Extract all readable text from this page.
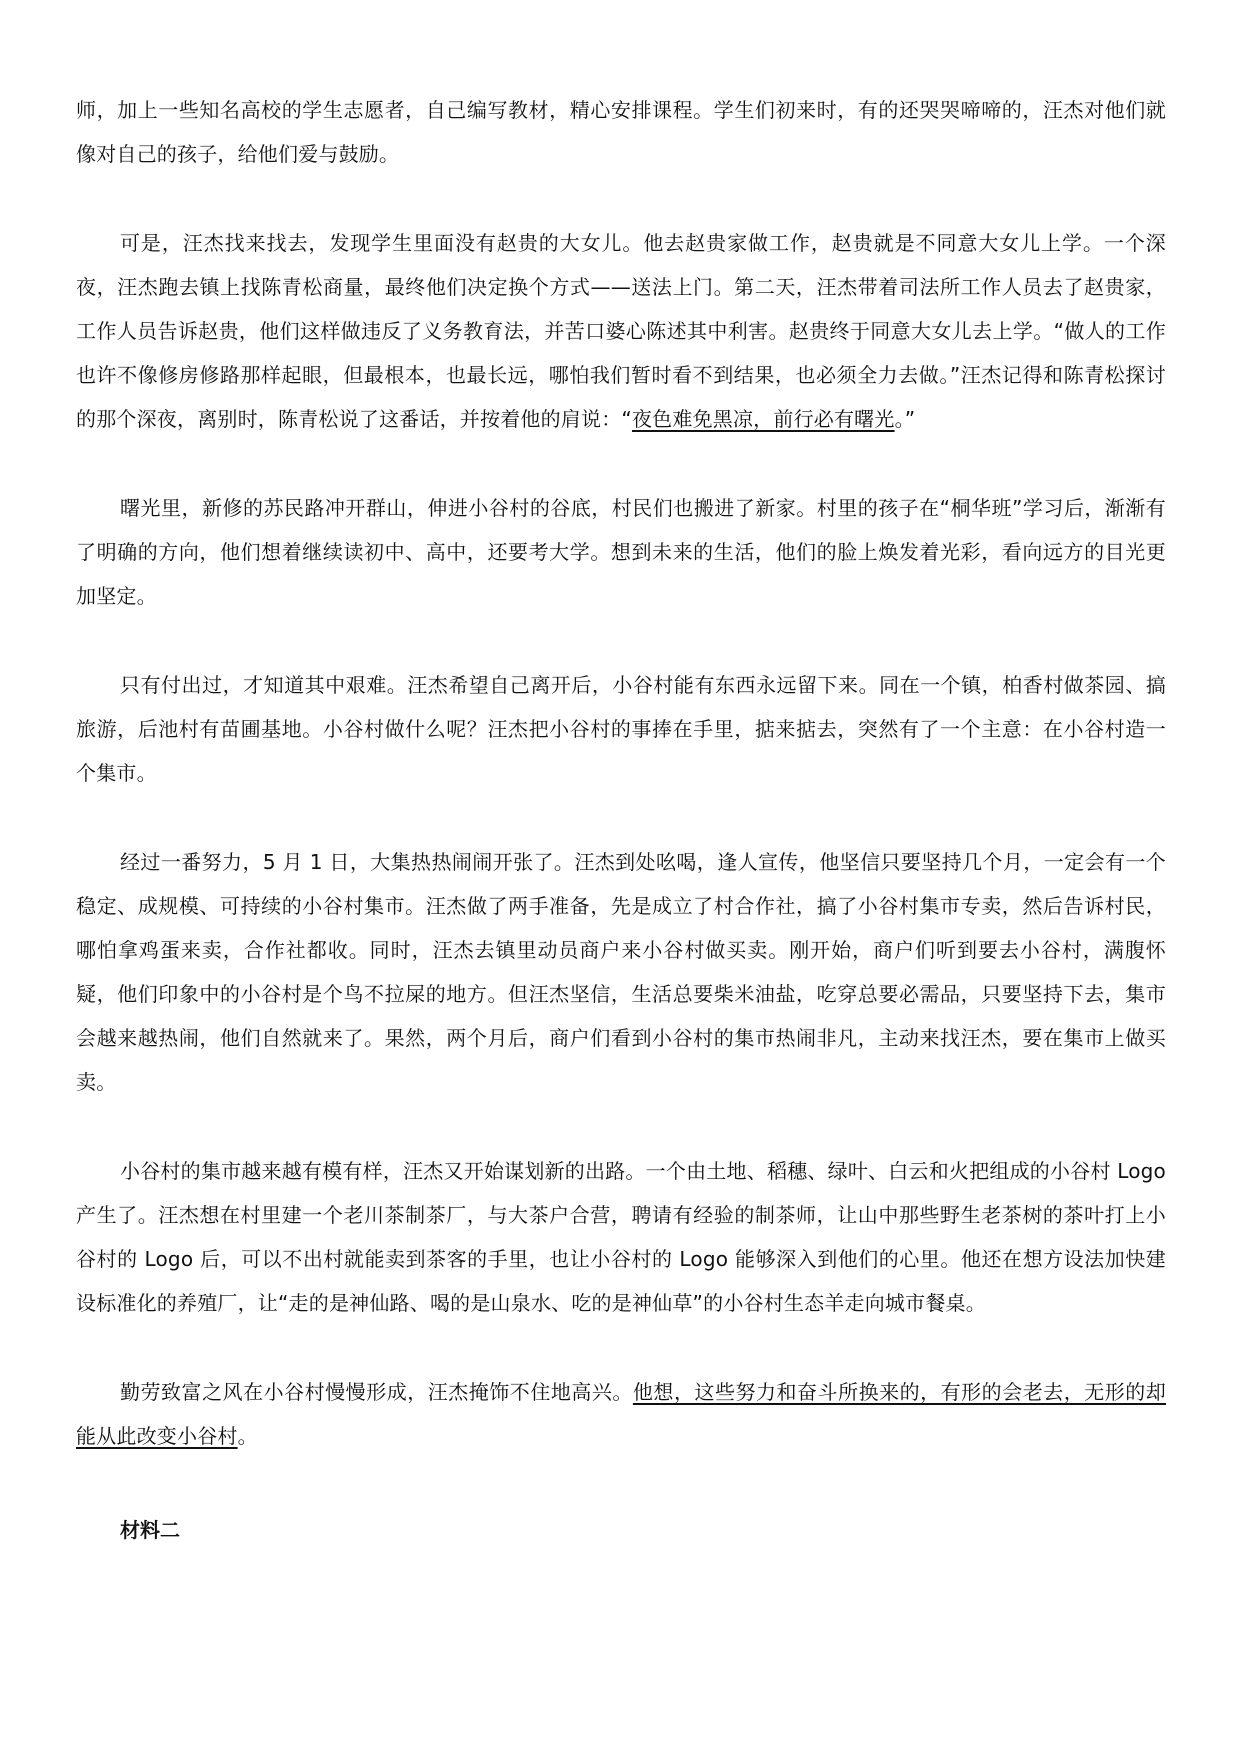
师，加上一些知名高校的学生志愿者，自己编写教材，精心安排课程。学生们初来时，有的还哭哭啼啼的，汪杰对他们就像对自己的孩子，给他们爱与鼓励。

可是，汪杰找来找去，发现学生里面没有赵贵的大女儿。他去赵贵家做工作，赵贵就是不同意大女儿上学。一个深夜，汪杰跑去镇上找陈青松商量，最终他们决定换个方式——送法上门。第二天，汪杰带着司法所工作人员去了赵贵家，工作人员告诉赵贵，他们这样做违反了义务教育法，并苦口婆心陈述其中利害。赵贵终于同意大女儿去上学。“做人的工作也许不像修房修路那样起眼，但最根本，也最长远，哪怕我们暂时看不到结果，也必须全力去做。”汪杰记得和陈青松探讨的那个深夜，离别时，陈青松说了这番话，并按着他的肩说：“夜色难免黑凉，前行必有曙光。”

曙光里，新修的苏民路冲开群山，伸进小谷村的谷底，村民们也搬进了新家。村里的孩子在“桐华班”学习后，渐渐有了明确的方向，他们想着继续读初中、高中，还要考大学。想到未来的生活，他们的脸上焕发着光彩，看向远方的目光更加坚定。

只有付出过，才知道其中艰难。汪杰希望自己离开后，小谷村能有东西永远留下来。同在一个镇，柏香村做茶园、搞旅游，后池村有苗圃基地。小谷村做什么呢？汪杰把小谷村的事捧在手里，掂来掂去，突然有了一个主意：在小谷村造一个集市。

经过一番努力，5 月 1 日，大集热热闹闹开张了。汪杰到处吆喝，逢人宣传，他坚信只要坚持几个月，一定会有一个稳定、成规模、可持续的小谷村集市。汪杰做了两手准备，先是成立了村合作社，搞了小谷村集市专卖，然后告诉村民，哪怕拿鸡蛋来卖，合作社都收。同时，汪杰去镇里动员商户来小谷村做买卖。刚开始，商户们听到要去小谷村，满腹怀疑，他们印象中的小谷村是个鸟不拉屎的地方。但汪杰坚信，生活总要柴米油盐，吃穿总要必需品，只要坚持下去，集市会越来越热闹，他们自然就来了。果然，两个月后，商户们看到小谷村的集市热闹非凡，主动来找汪杰，要在集市上做买卖。

小谷村的集市越来越有模有样，汪杰又开始谋划新的出路。一个由土地、稻穗、绿叶、白云和火把组成的小谷村 Logo 产生了。汪杰想在村里建一个老川茶制茶厂，与大茶户合营，聘请有经验的制茶师，让山中那些野生老茶树的茶叶打上小谷村的 Logo 后，可以不出村就能卖到茶客的手里，也让小谷村的 Logo 能够深入到他们的心里。他还在想方设法加快建设标准化的养殖厂，让“走的是神仙路、喝的是山泉水、吃的是神仙草”的小谷村生态羊走向城市餐桌。

勤劳致富之风在小谷村慢慢形成，汪杰掩饰不住地高兴。他想，这些努力和奋斗所换来的，有形的会老去，无形的却能从此改变小谷村。

材料二
